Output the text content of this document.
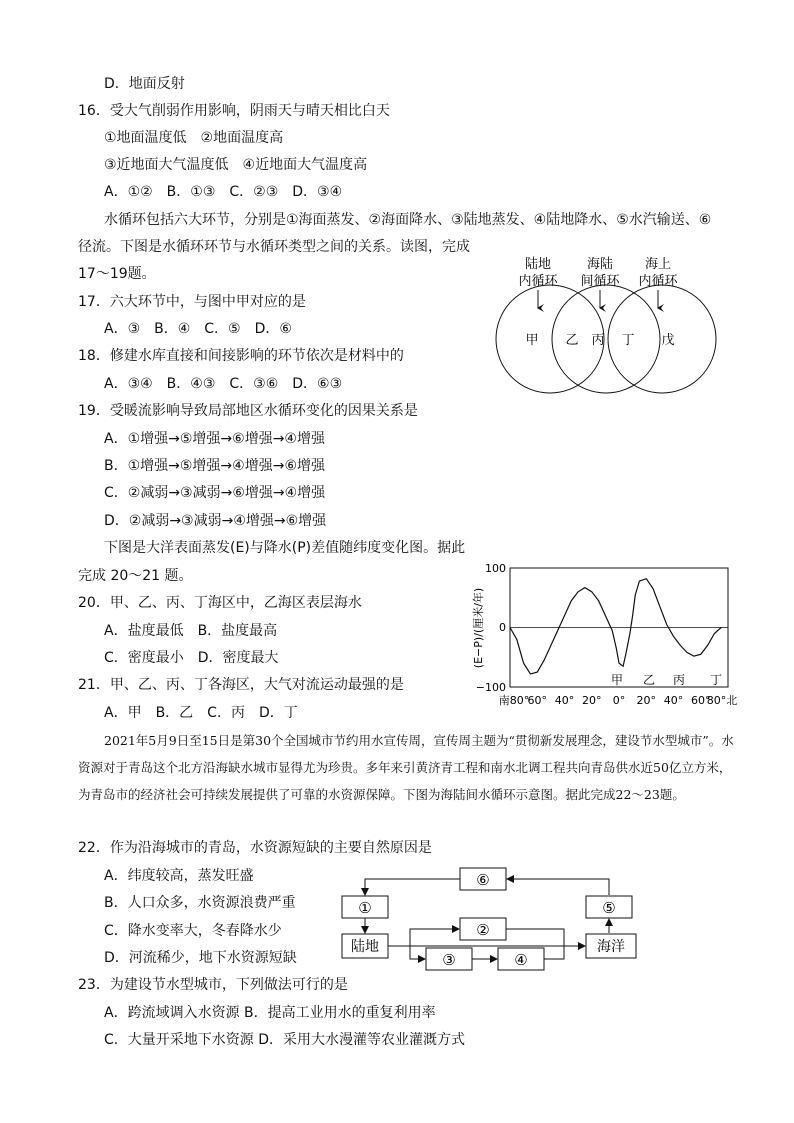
D．地面反射
16．受大气削弱作用影响，阴雨天与晴天相比白天
①地面温度低　②地面温度高
③近地面大气温度低　④近地面大气温度高
A．①②　B．①③　C．②③　D．③④
水循环包括六大环节，分别是①海面蒸发、②海面降水、③陆地蒸发、④陆地降水、⑤水汽输送、⑥
径流。下图是水循环环节与水循环类型之间的关系。读图，完成
17～19题。
17．六大环节中，与图中甲对应的是
A．③　B．④　C．⑤　D．⑥
18．修建水库直接和间接影响的环节依次是材料中的
A．③④　B．④③　C．③⑥　D．⑥③
19．受暖流影响导致局部地区水循环变化的因果关系是
A．①增强→⑤增强→⑥增强→④增强
B．①增强→⑤增强→④增强→⑥增强
C．②减弱→③减弱→⑥增强→④增强
D．②减弱→③减弱→④增强→⑥增强
下图是大洋表面蒸发(E)与降水(P)差值随纬度变化图。据此
完成 20～21 题。
20．甲、乙、丙、丁海区中，乙海区表层海水
A．盐度最低　B．盐度最高
C．密度最小　D．密度最大
21．甲、乙、丙、丁各海区，大气对流运动最强的是
A．甲　B．乙　C．丙　D．丁
2021年5月9日至15日是第30个全国城市节约用水宣传周，宣传周主题为“贯彻新发展理念，建设节水型城市”。水资源对于青岛这个北方沿海缺水城市显得尤为珍贵。多年来引黄济青工程和南水北调工程共向青岛供水近50亿立方米，为青岛市的经济社会可持续发展提供了可靠的水资源保障。下图为海陆间水循环示意图。据此完成22～23题。
22．作为沿海城市的青岛，水资源短缺的主要自然原因是
A．纬度较高，蒸发旺盛
B．人口众多，水资源浪费严重
C．降水变率大，冬春降水少
D．河流稀少，地下水资源短缺
23．为建设节水型城市，下列做法可行的是
A．跨流域调入水资源 B．提高工业用水的重复利用率
C．大量开采地下水资源 D．采用大水漫灌等农业灌溉方式
陆地
内循环
海陆
间循环
海上
内循环
甲 乙 丙 丁 戊
(E−P)/(厘米/年)
100
0
−100
南80°
60° 40° 20° 0° 20° 40° 60°
80°北
甲 乙 丙 丁
⑥
①
②
⑤
陆地	海洋
③	④
